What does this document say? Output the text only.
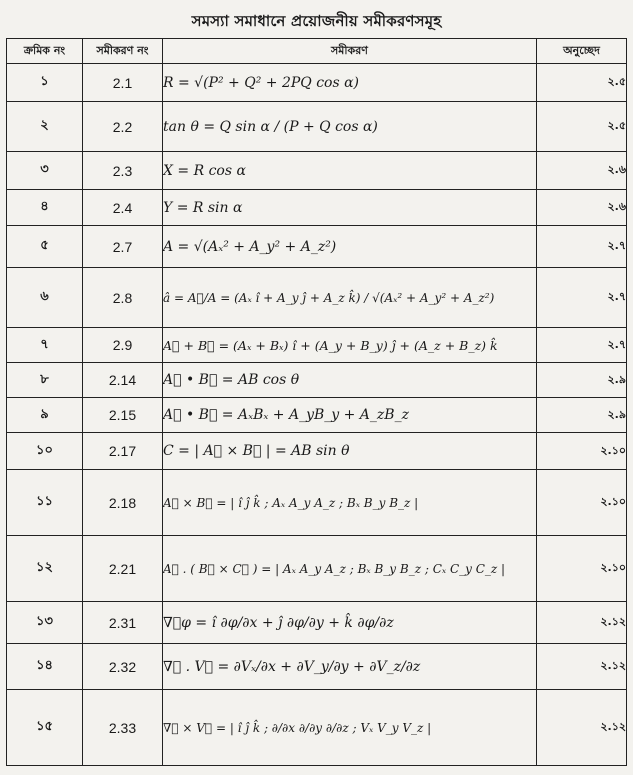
সমস্যা সমাধানে প্রয়োজনীয় সমীকরণসমূহ
ক্রমিক নং	সমীকরণ নং	সমীকরণ	অনুচ্ছেদ
১	2.1	R = √(P² + Q² + 2PQ cos α)	২.৫
২	2.2	tan θ = Q sin α / (P + Q cos α)	২.৫
৩	2.3	X = R cos α	২.৬
৪	2.4	Y = R sin α	২.৬
৫	2.7	A = √(Aₓ² + A_y² + A_z²)	২.৭
৬	2.8	â = A⃗/A = (Aₓ î + A_y ĵ + A_z k̂) / √(Aₓ² + A_y² + A_z²)	২.৭
৭	2.9	A⃗ + B⃗ = (Aₓ + Bₓ) î + (A_y + B_y) ĵ + (A_z + B_z) k̂	২.৭
৮	2.14	A⃗ • B⃗ = AB cos θ	২.৯
৯	2.15	A⃗ • B⃗ = AₓBₓ + A_yB_y + A_zB_z	২.৯
১০	2.17	C = | A⃗ × B⃗ | = AB sin θ	২.১০
১১	2.18	A⃗ × B⃗ = | î ĵ k̂ ; Aₓ A_y A_z ; Bₓ B_y B_z |	২.১০
১২	2.21	A⃗ . ( B⃗ × C⃗ ) = | Aₓ A_y A_z ; Bₓ B_y B_z ; Cₓ C_y C_z |	২.১০
১৩	2.31	∇⃗φ = î ∂φ/∂x + ĵ ∂φ/∂y + k̂ ∂φ/∂z	২.১২
১৪	2.32	∇⃗ . V⃗ = ∂Vₓ/∂x + ∂V_y/∂y + ∂V_z/∂z	২.১২
১৫	2.33	∇⃗ × V⃗ = | î ĵ k̂ ; ∂/∂x ∂/∂y ∂/∂z ; Vₓ V_y V_z |	২.১২
